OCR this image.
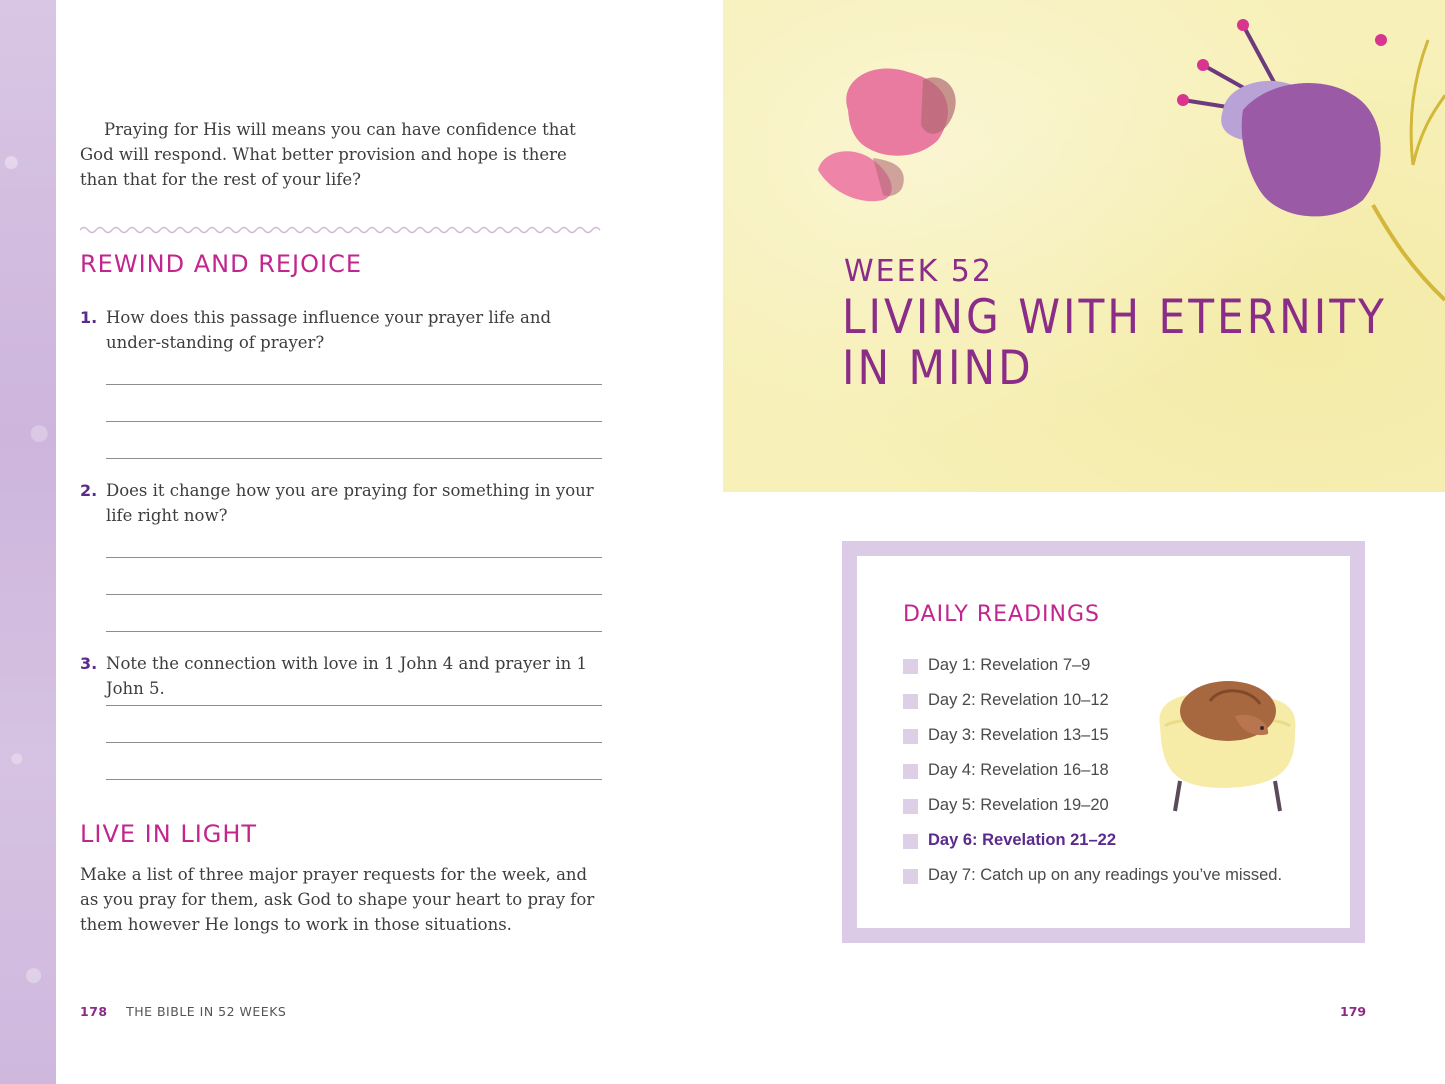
Praying for His will means you can have confidence that God will respond. What better provision and hope is there than that for the rest of your life?

REWIND AND REJOICE
1. How does this passage influence your prayer life and under-standing of prayer?

2. Does it change how you are praying for something in your life right now?

3. Note the connection with love in 1 John 4 and prayer in 1 John 5.

LIVE IN LIGHT

Make a list of three major prayer requests for the week, and as you pray for them, ask God to shape your heart to pray for them however He longs to work in those situations.

178 THE BIBLE IN 52 WEEKS
WEEK 52
LIVING WITH ETERNITY IN MIND
DAILY READINGS
Day 1: Revelation 7–9
Day 2: Revelation 10–12
Day 3: Revelation 13–15
Day 4: Revelation 16–18
Day 5: Revelation 19–20
Day 6: Revelation 21–22
Day 7: Catch up on any readings you’ve missed.
179
